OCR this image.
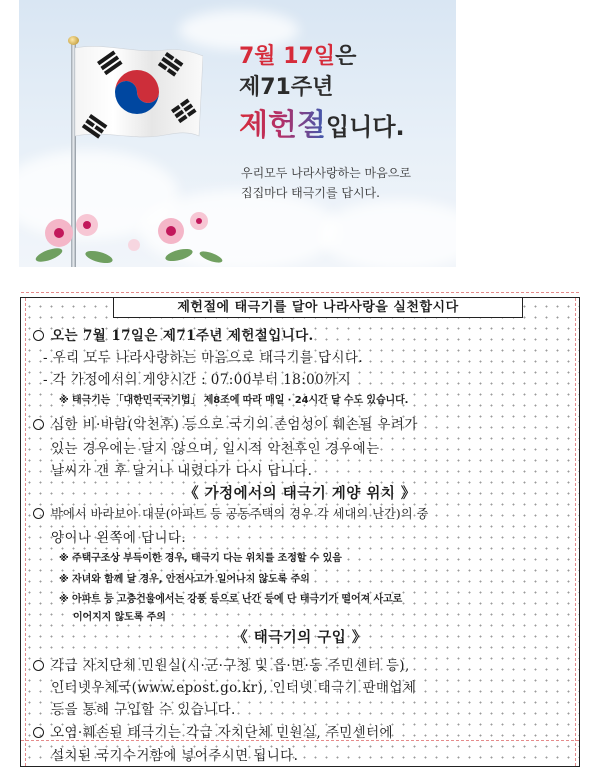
7월 17일은
제71주년
제헌절입니다.
우리모두 나라사랑하는 마음으로
집집마다 태극기를 답시다.
제헌절에 태극기를 달아 나라사랑을 실천합시다
오는 7월 17일은 제71주년 제헌절입니다.
- 우리 모두 나라사랑하는 마음으로 태극기를 답시다.
- 각 가정에서의 게양시간 : 07:00부터 18:00까지
※ 태극기는 「대한민국국기법」 제8조에 따라 매일 · 24시간 달 수도 있습니다.
심한 비·바람(악천후) 등으로 국기의 존엄성이 훼손될 우려가
있는 경우에는 달지 않으며, 일시적 악천후인 경우에는
날씨가 갠 후 달거나 내렸다가 다시 답니다.
《 가정에서의 태극기 게양 위치 》
밖에서 바라보아 대문(아파트 등 공동주택의 경우 각 세대의 난간)의 중
앙이나 왼쪽에 답니다.
※ 주택구조상 부득이한 경우, 태극기 다는 위치를 조정할 수 있음
※ 자녀와 함께 달 경우, 안전사고가 일어나지 않도록 주의
※ 아파트 등 고층건물에서는 강풍 등으로 난간 등에 단 태극기가 떨어져 사고로
이어지지 않도록 주의
《 태극기의 구입 》
각급 자치단체 민원실(시·군·구청 및 읍·면·동 주민센터 등),
인터넷우체국(www.epost.go.kr), 인터넷 태극기 판매업체
등을 통해 구입할 수 있습니다.
오염·훼손된 태극기는 각급 자치단체 민원실, 주민센터에
설치된 국기수거함에 넣어주시면 됩니다.
